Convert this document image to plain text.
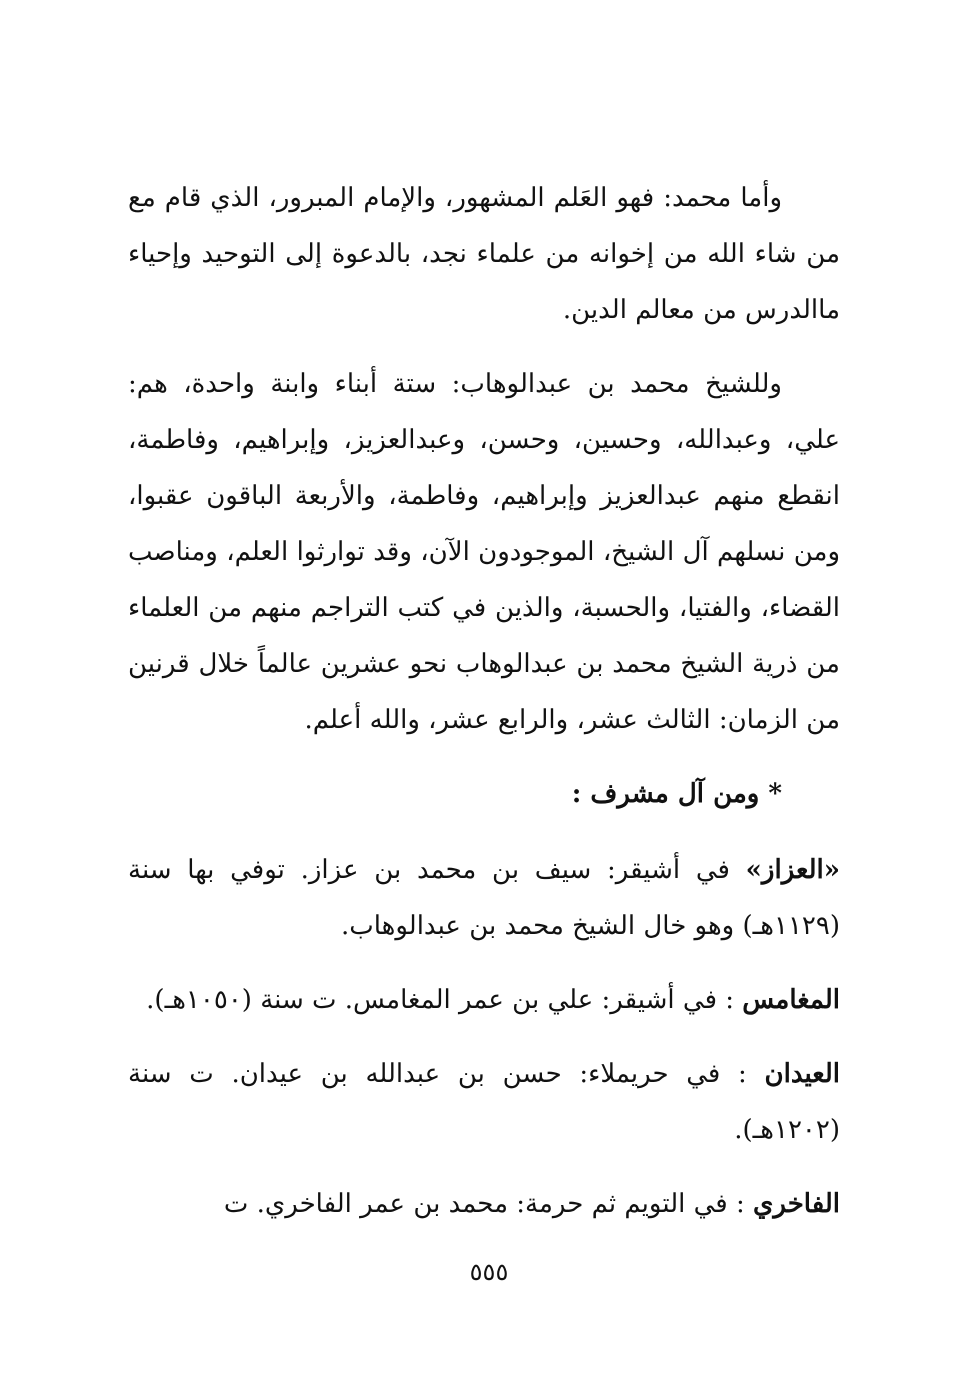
وأما محمد: فهو العَلم المشهور، والإمام المبرور، الذي قام مع من شاء الله من إخوانه من علماء نجد، بالدعوة إلى التوحيد وإحياء ماالدرس من معالم الدين.

وللشيخ محمد بن عبدالوهاب: ستة أبناء وابنة واحدة، هم: علي، وعبدالله، وحسين، وحسن، وعبدالعزيز، وإبراهيم، وفاطمة، انقطع منهم عبدالعزيز وإبراهيم، وفاطمة، والأربعة الباقون عقبوا، ومن نسلهم آل الشيخ، الموجودون الآن، وقد توارثوا العلم، ومناصب القضاء، والفتيا، والحسبة، والذين في كتب التراجم منهم من العلماء من ذرية الشيخ محمد بن عبدالوهاب نحو عشرين عالماً خلال قرنين من الزمان: الثالث عشر، والرابع عشر، والله أعلم.

* ومن آل مشرف :

«العزاز» في أشيقر: سيف بن محمد بن عزاز. توفي بها سنة (١١٢٩هـ) وهو خال الشيخ محمد بن عبدالوهاب.

المغامس : في أشيقر: علي بن عمر المغامس. ت سنة (١٠٥٠هـ).

العيدان : في حريملاء: حسن بن عبدالله بن عيدان. ت سنة (١٢٠٢هـ).

الفاخري : في التويم ثم حرمة: محمد بن عمر الفاخري. ت

٥٥٥
